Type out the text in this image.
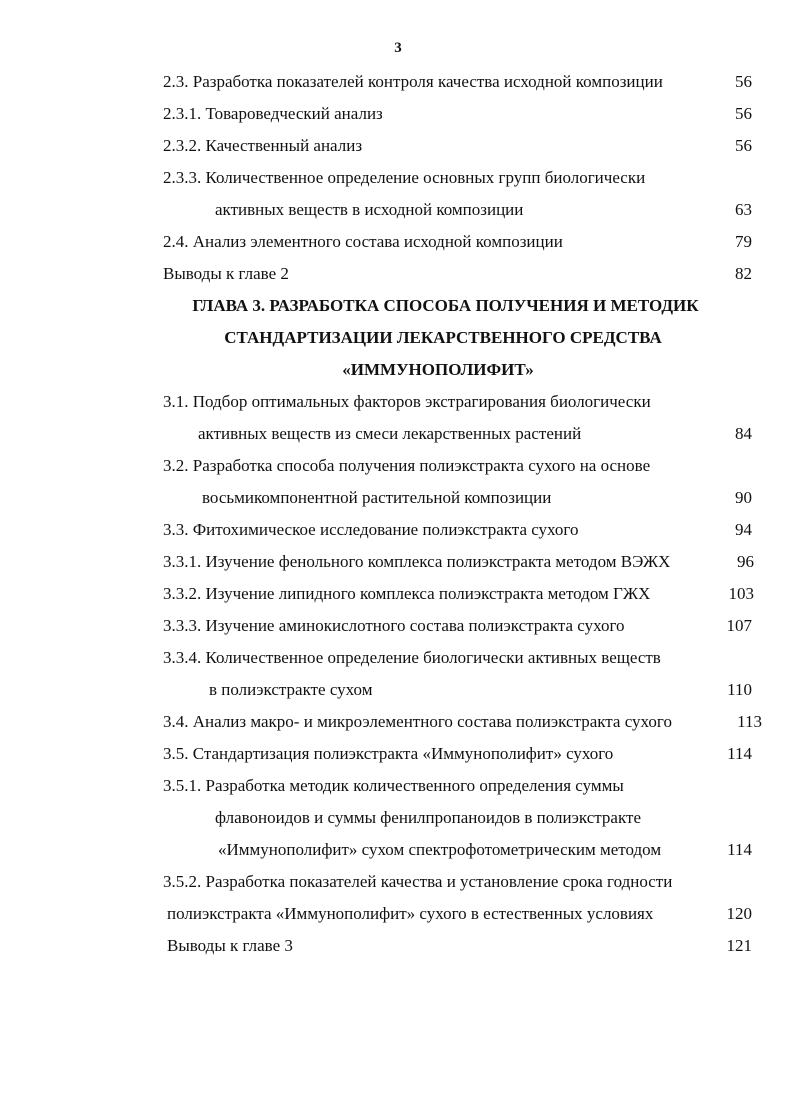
3
2.3. Разработка показателей контроля качества исходной композиции	56
2.3.1. Товароведческий анализ	56
2.3.2. Качественный анализ	56
2.3.3. Количественное определение основных групп биологически
активных веществ в исходной композиции	63
2.4. Анализ элементного состава исходной композиции	79
Выводы к главе 2	82
ГЛАВА 3. РАЗРАБОТКА СПОСОБА ПОЛУЧЕНИЯ И МЕТОДИК
СТАНДАРТИЗАЦИИ ЛЕКАРСТВЕННОГО СРЕДСТВА
«ИММУНОПОЛИФИТ»
3.1. Подбор оптимальных факторов экстрагирования биологически
активных веществ из смеси лекарственных растений	84
3.2. Разработка способа получения полиэкстракта сухого на основе
восьмикомпонентной растительной композиции	90
3.3. Фитохимическое исследование полиэкстракта сухого	94
3.3.1. Изучение фенольного комплекса полиэкстракта методом ВЭЖХ	96
3.3.2. Изучение липидного комплекса полиэкстракта методом ГЖХ	103
3.3.3. Изучение аминокислотного состава полиэкстракта сухого	107
3.3.4. Количественное определение биологически активных веществ
в полиэкстракте сухом	110
3.4. Анализ макро- и микроэлементного состава полиэкстракта сухого	113
3.5. Стандартизация полиэкстракта «Иммунополифит» сухого	114
3.5.1. Разработка методик количественного определения суммы
флавоноидов и суммы фенилпропаноидов в полиэкстракте
«Иммунополифит» сухом спектрофотометрическим методом	114
3.5.2. Разработка показателей качества и установление срока годности
полиэкстракта «Иммунополифит» сухого в естественных условиях	120
Выводы к главе 3	121
